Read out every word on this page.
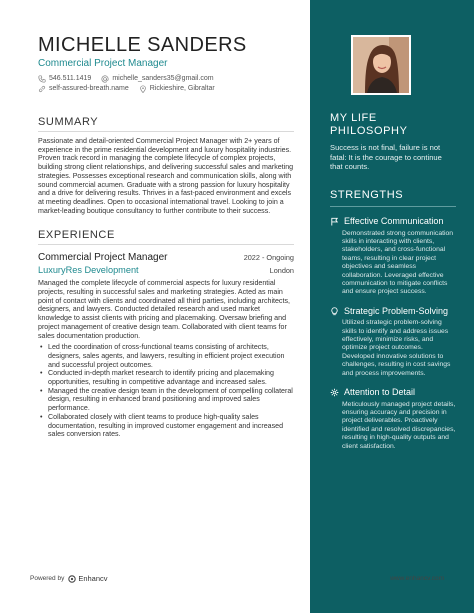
MICHELLE SANDERS
Commercial Project Manager
546.511.1419	michelle_sanders35@gmail.com
self-assured-breath.name	Rickieshire, Gibraltar
SUMMARY
Passionate and detail-oriented Commercial Project Manager with 2+ years of experience in the prime residential development and luxury hospitality industries. Proven track record in managing the complete lifecycle of complex projects, building strong client relationships, and delivering successful sales and marketing strategies. Possesses exceptional research and communication skills, along with sound commercial acumen. Graduate with a strong passion for luxury hospitality and a drive for delivering results. Thrives in a fast-paced environment and excels at meeting deadlines. Open to occasional international travel. Looking to join a market-leading boutique consultancy to further contribute to their success.
EXPERIENCE
Commercial Project Manager	2022 - Ongoing
LuxuryRes Development	London
Managed the complete lifecycle of commercial aspects for luxury residential projects, resulting in successful sales and marketing strategies. Acted as main point of contact with clients and coordinated all third parties, including architects, designers, and lawyers. Conducted detailed research and used market knowledge to assist clients with pricing and placemaking. Oversaw briefing and project management of creative design team. Collaborated with client teams for sales documentation production.
• Led the coordination of cross-functional teams consisting of architects, designers, sales agents, and lawyers, resulting in efficient project execution and successful project outcomes.
• Conducted in-depth market research to identify pricing and placemaking opportunities, resulting in competitive advantage and increased sales.
• Managed the creative design team in the development of compelling collateral design, resulting in enhanced brand positioning and improved sales performance.
• Collaborated closely with client teams to produce high-quality sales documentation, resulting in improved customer engagement and increased sales conversion rates.
MY LIFE PHILOSOPHY
Success is not final, failure is not fatal: It is the courage to continue that counts.
STRENGTHS
Effective Communication
Demonstrated strong communication skills in interacting with clients, stakeholders, and cross-functional teams, resulting in clear project objectives and seamless collaboration. Leveraged effective communication to mitigate conflicts and ensure project success.
Strategic Problem-Solving
Utilized strategic problem-solving skills to identify and address issues effectively, minimize risks, and optimize project outcomes. Developed innovative solutions to challenges, resulting in cost savings and process improvements.
Attention to Detail
Meticulously managed project details, ensuring accuracy and precision in project deliverables. Proactively identified and resolved discrepancies, resulting in high-quality outputs and client satisfaction.
Powered by Enhancv	www.enhancv.com
